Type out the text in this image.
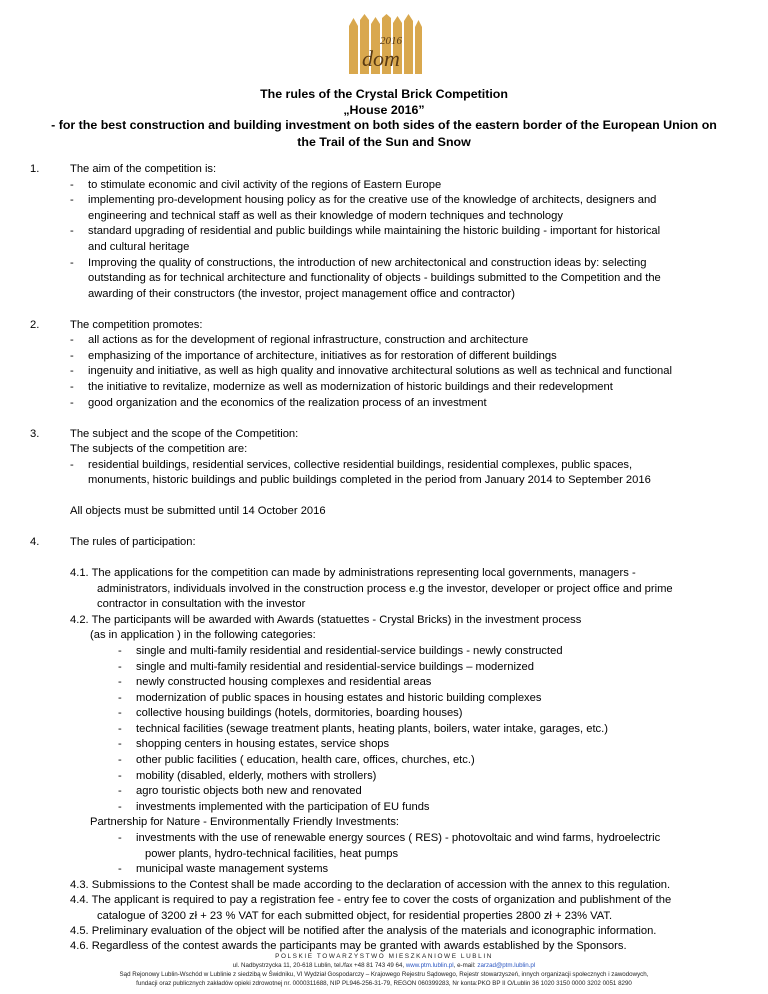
2016
dom
The rules of the Crystal Brick Competition
„House 2016”
- for the best construction and building investment on both sides of the eastern border of the European Union on
the Trail of the Sun and Snow
1.	The aim of the competition is:
- to stimulate economic and civil activity of the regions of Eastern Europe
- implementing pro-development housing policy as for the creative use of the knowledge of architects, designers and
engineering and technical staff as well as their knowledge of modern techniques and technology
- standard upgrading of residential and public buildings while maintaining the historic building - important for historical
and cultural heritage
- Improving the quality of constructions, the introduction of new architectonical and construction ideas by: selecting
outstanding as for technical architecture and functionality of objects - buildings submitted to the Competition and the
awarding of their constructors (the investor, project management office and contractor)
2.	The competition promotes:
- all actions as for the development of regional infrastructure, construction and architecture
- emphasizing of the importance of architecture, initiatives as for restoration of different buildings
- ingenuity and initiative, as well as high quality and innovative architectural solutions as well as technical and functional
- the initiative to revitalize, modernize as well as modernization of historic buildings and their redevelopment
- good organization and the economics of the realization process of an investment
3.	The subject and the scope of the Competition:
The subjects of the competition are:
- residential buildings, residential services, collective residential buildings, residential complexes, public spaces,
monuments, historic buildings and public buildings completed in the period from January 2014 to September 2016
All objects must be submitted until 14 October 2016
4.	The rules of participation:
4.1. The applications for the competition can made by administrations representing local governments, managers -
administrators, individuals involved in the construction process e.g the investor, developer or project office and prime
contractor in consultation with the investor
4.2. The participants will be awarded with Awards (statuettes - Crystal Bricks) in the investment process
(as in application ) in the following categories:
- single and multi-family residential and residential-service buildings - newly constructed
- single and multi-family residential and residential-service buildings – modernized
- newly constructed housing complexes and residential areas
- modernization of public spaces in housing estates and historic building complexes
- collective housing buildings (hotels, dormitories, boarding houses)
- technical facilities (sewage treatment plants, heating plants, boilers, water intake, garages, etc.)
- shopping centers in housing estates, service shops
- other public facilities ( education, health care, offices, churches, etc.)
- mobility (disabled, elderly, mothers with strollers)
- agro touristic objects both new and renovated
- investments implemented with the participation of EU funds
Partnership for Nature - Environmentally Friendly Investments:
- investments with the use of renewable energy sources ( RES) - photovoltaic and wind farms, hydroelectric
power plants, hydro-technical facilities, heat pumps
- municipal waste management systems
4.3. Submissions to the Contest shall be made according to the declaration of accession with the annex to this regulation.
4.4. The applicant is required to pay a registration fee - entry fee to cover the costs of organization and publishment of the
catalogue of 3200 zł + 23 % VAT for each submitted object, for residential properties 2800 zł + 23% VAT.
POLSKIE TOWARZYSTWO MIESZKANIOWE LUBLIN
ul. Nadbystrzycka 11, 20-618 Lublin, tel./fax +48 81 743 49 64, www.ptm.lublin.pl, e-mail: zarzad@ptm.lublin.pl
Sąd Rejonowy Lublin-Wschód w Lublinie z siedzibą w Świdniku, VI Wydział Gospodarczy – Krajowego Rejestru Sądowego, Rejestr stowarzyszeń, innych organizacji społecznych i zawodowych,
fundacji oraz publicznych zakładów opieki zdrowotnej nr. 0000311688, NIP PL946-256-31-79, REGON 060399283, Nr konta:PKO BP II O/Lublin 36 1020 3150 0000 3202 0051 8290
4.5. Preliminary evaluation of the object will be notified after the analysis of the materials and iconographic information.
4.6. Regardless of the contest awards the participants may be granted with awards established by the Sponsors.
